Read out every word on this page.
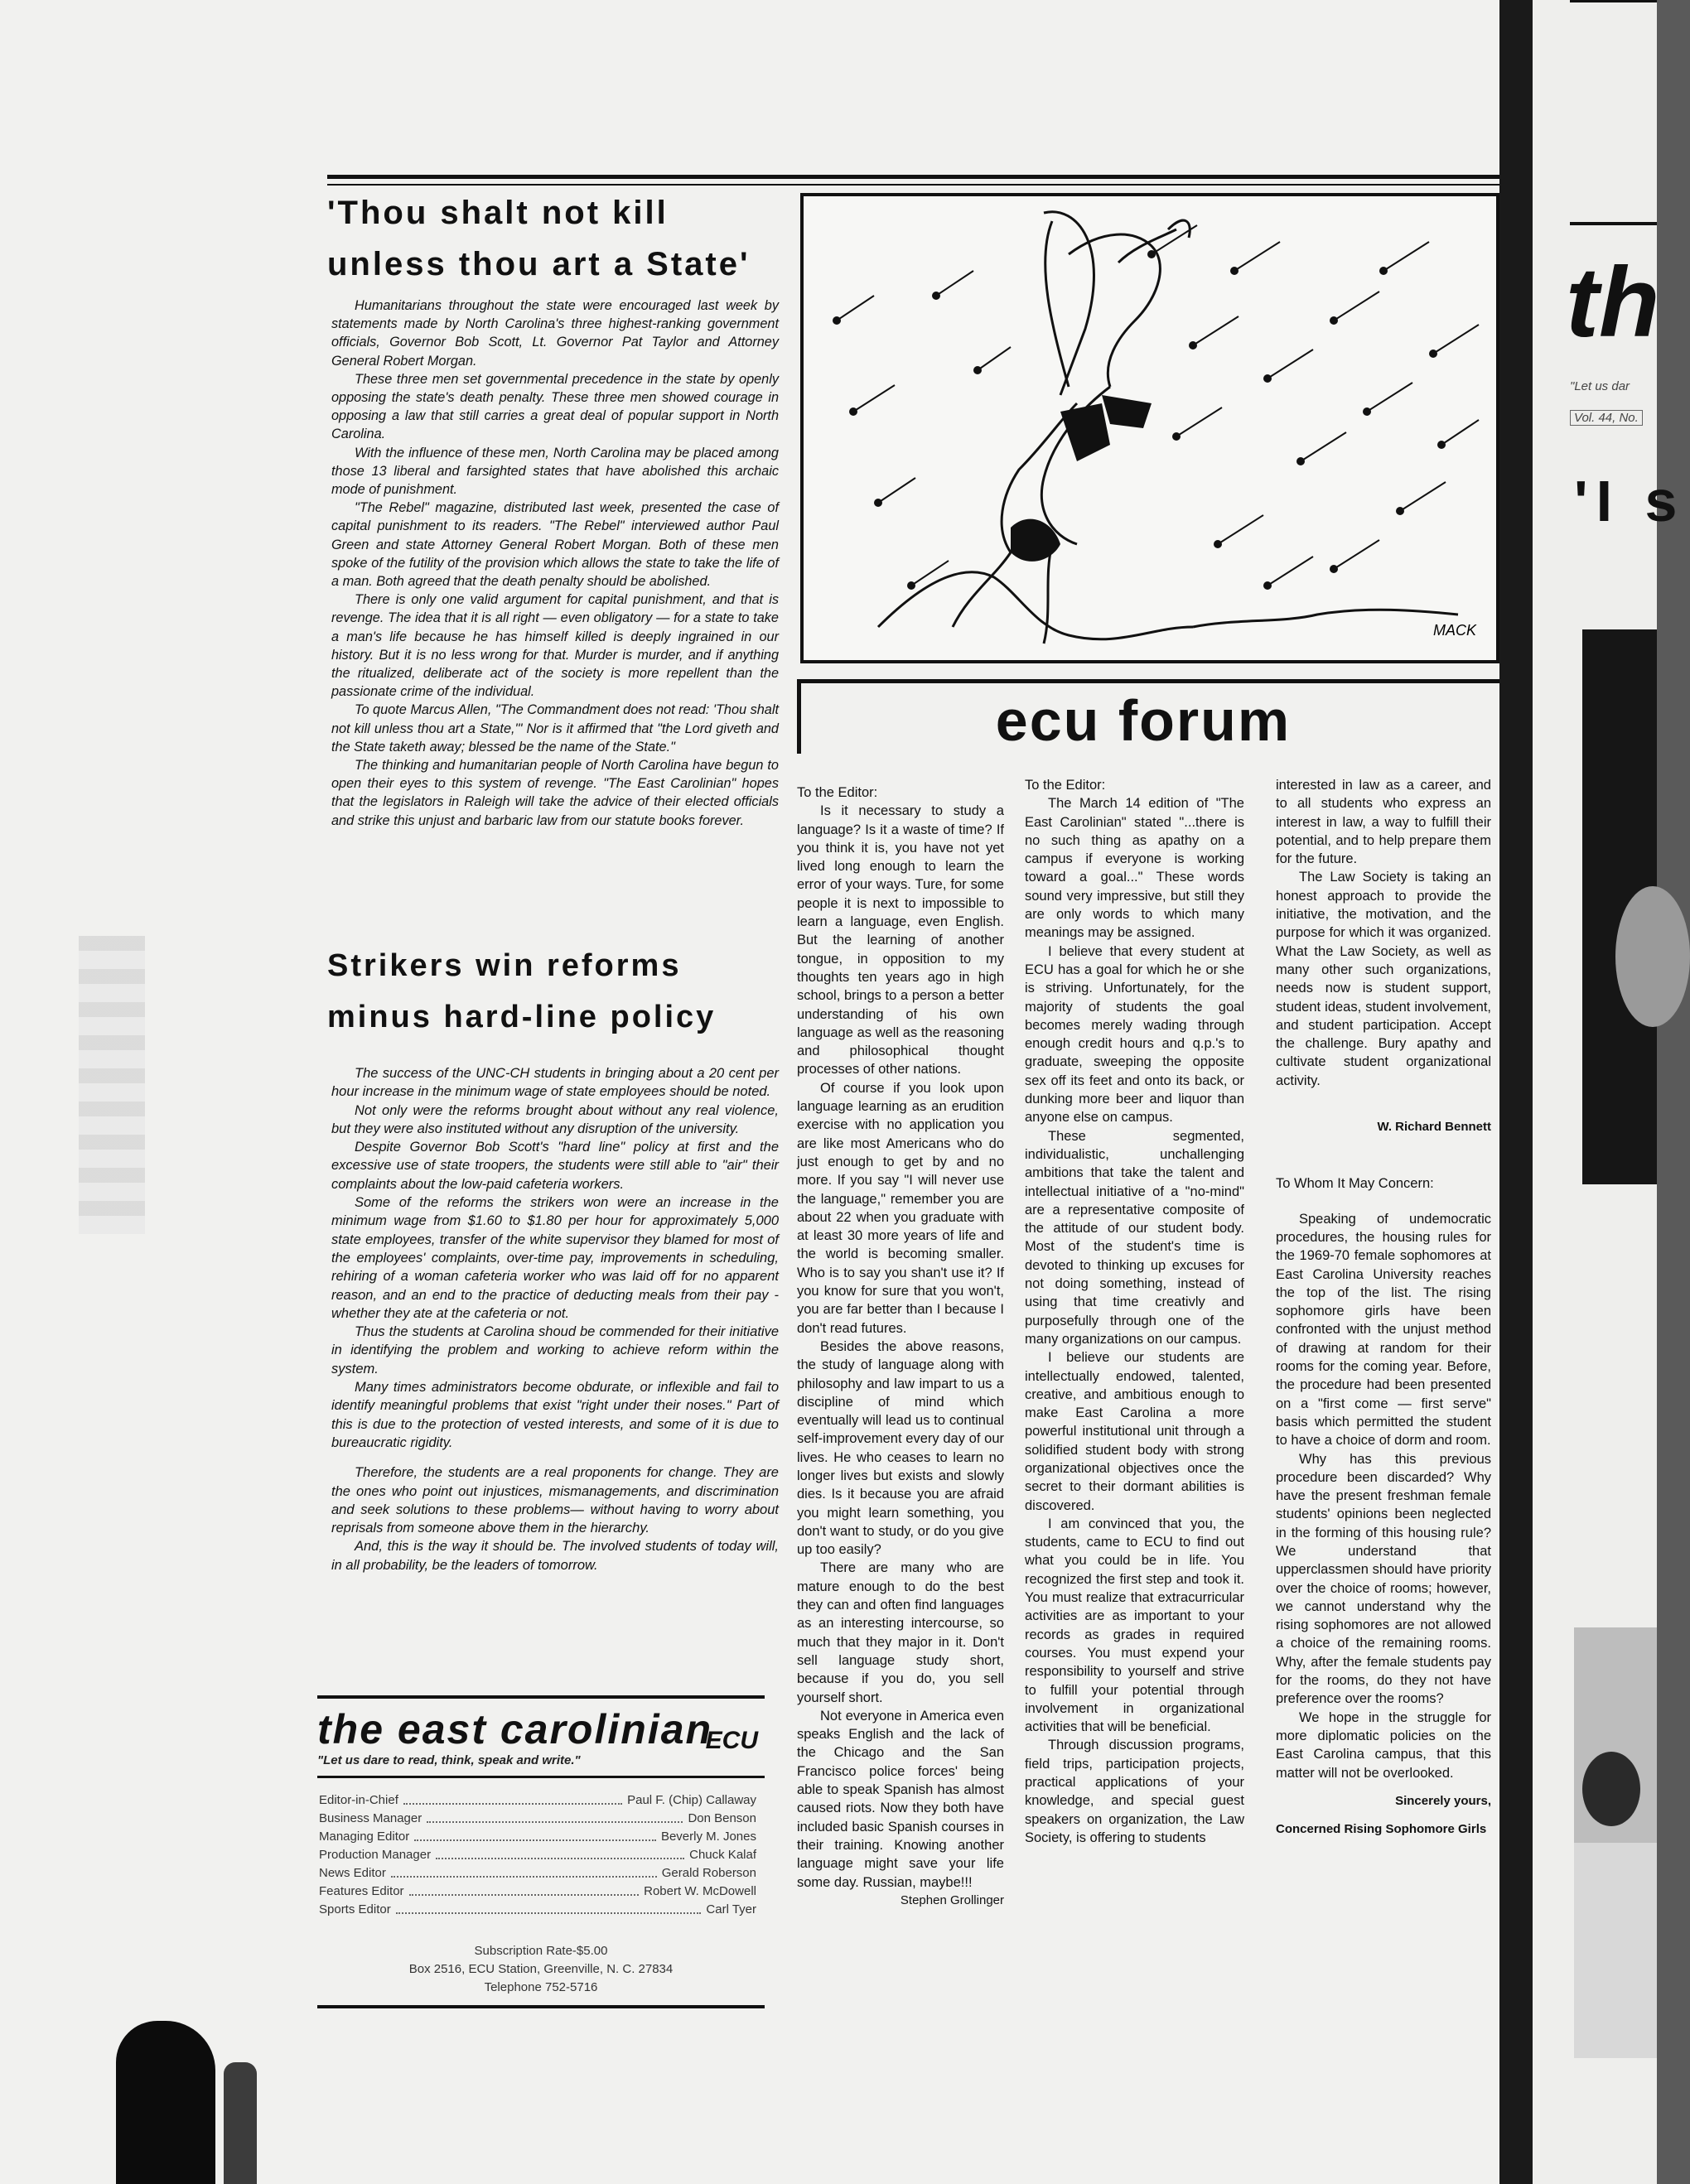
th
"Let us dar
Vol. 44, No.
'I s

'Thou shalt not kill

unless thou art a State'

Humanitarians throughout the state were encouraged last week by statements made by North Carolina's three highest-ranking government officials, Governor Bob Scott, Lt. Governor Pat Taylor and Attorney General Robert Morgan.

These three men set governmental precedence in the state by openly opposing the state's death penalty. These three men showed courage in opposing a law that still carries a great deal of popular support in North Carolina.

With the influence of these men, North Carolina may be placed among those 13 liberal and farsighted states that have abolished this archaic mode of punishment.

"The Rebel" magazine, distributed last week, presented the case of capital punishment to its readers. "The Rebel" interviewed author Paul Green and state Attorney General Robert Morgan. Both of these men spoke of the futility of the provision which allows the state to take the life of a man. Both agreed that the death penalty should be abolished.

There is only one valid argument for capital punishment, and that is revenge. The idea that it is all right — even obligatory — for a state to take a man's life because he has himself killed is deeply ingrained in our history. But it is no less wrong for that. Murder is murder, and if anything the ritualized, deliberate act of the society is more repellent than the passionate crime of the individual.

To quote Marcus Allen, "The Commandment does not read: 'Thou shalt not kill unless thou art a State,'" Nor is it affirmed that "the Lord giveth and the State taketh away; blessed be the name of the State."

The thinking and humanitarian people of North Carolina have begun to open their eyes to this system of revenge. "The East Carolinian" hopes that the legislators in Raleigh will take the advice of their elected officials and strike this unjust and barbaric law from our statute books forever.

Strikers win reforms

minus hard-line policy

The success of the UNC-CH students in bringing about a 20 cent per hour increase in the minimum wage of state employees should be noted.

Not only were the reforms brought about without any real violence, but they were also instituted without any disruption of the university.

Despite Governor Bob Scott's "hard line" policy at first and the excessive use of state troopers, the students were still able to "air" their complaints about the low-paid cafeteria workers.

Some of the reforms the strikers won were an increase in the minimum wage from $1.60 to $1.80 per hour for approximately 5,000 state employees, transfer of the white supervisor they blamed for most of the employees' complaints, over-time pay, improvements in scheduling, rehiring of a woman cafeteria worker who was laid off for no apparent reason, and an end to the practice of deducting meals from their pay - whether they ate at the cafeteria or not.

Thus the students at Carolina shoud be commended for their initiative in identifying the problem and working to achieve reform within the system.

Many times administrators become obdurate, or inflexible and fail to identify meaningful problems that exist "right under their noses." Part of this is due to the protection of vested interests, and some of it is due to bureaucratic rigidity.

Therefore, the students are a real proponents for change. They are the ones who point out injustices, mismanagements, and discrimination and seek solutions to these problems— without having to worry about reprisals from someone above them in the hierarchy.

And, this is the way it should be. The involved students of today will, in all probability, be the leaders of tomorrow.

the east carolinian
ECU
"Let us dare to read, think, speak and write."
Editor-in-Chief	Paul F. (Chip) Callaway
Business Manager	Don Benson
Managing Editor	Beverly M. Jones
Production Manager	Chuck Kalaf
News Editor	Gerald Roberson
Features Editor	Robert W. McDowell
Sports Editor	Carl Tyer
Subscription Rate-$5.00
Box 2516, ECU Station, Greenville, N. C. 27834
Telephone 752-5716
MACK
ecu forum

To the Editor:

Is it necessary to study a language? Is it a waste of time? If you think it is, you have not yet lived long enough to learn the error of your ways. Ture, for some people it is next to impossible to learn a language, even English. But the learning of another tongue, in opposition to my thoughts ten years ago in high school, brings to a person a better understanding of his own language as well as the reasoning and philosophical thought processes of other nations.

Of course if you look upon language learning as an erudition exercise with no application you are like most Americans who do just enough to get by and no more. If you say "I will never use the language," remember you are about 22 when you graduate with at least 30 more years of life and the world is becoming smaller. Who is to say you shan't use it? If you know for sure that you won't, you are far better than I because I don't read futures.

Besides the above reasons, the study of language along with philosophy and law impart to us a discipline of mind which eventually will lead us to continual self-improvement every day of our lives. He who ceases to learn no longer lives but exists and slowly dies. Is it because you are afraid you might learn something, you don't want to study, or do you give up too easily?

There are many who are mature enough to do the best they can and often find languages as an interesting intercourse, so much that they major in it. Don't sell language study short, because if you do, you sell yourself short.

Not everyone in America even speaks English and the lack of the Chicago and the San Francisco police forces' being able to speak Spanish has almost caused riots. Now they both have included basic Spanish courses in their training. Knowing another language might save your life some day. Russian, maybe!!!

Stephen Grollinger

To the Editor:

The March 14 edition of "The East Carolinian" stated "...there is no such thing as apathy on a campus if everyone is working toward a goal..." These words sound very impressive, but still they are only words to which many meanings may be assigned.

I believe that every student at ECU has a goal for which he or she is striving. Unfortunately, for the majority of students the goal becomes merely wading through enough credit hours and q.p.'s to graduate, sweeping the opposite sex off its feet and onto its back, or dunking more beer and liquor than anyone else on campus.

These segmented, individualistic, unchallenging ambitions that take the talent and intellectual initiative of a "no-mind" are a representative composite of the attitude of our student body. Most of the student's time is devoted to thinking up excuses for not doing something, instead of using that time creativly and purposefully through one of the many organizations on our campus.

I believe our students are intellectually endowed, talented, creative, and ambitious enough to make East Carolina a more powerful institutional unit through a solidified student body with strong organizational objectives once the secret to their dormant abilities is discovered.

I am convinced that you, the students, came to ECU to find out what you could be in life. You recognized the first step and took it. You must realize that extracurricular activities are as important to your records as grades in required courses. You must expend your responsibility to yourself and strive to fulfill your potential through involvement in organizational activities that will be beneficial.

Through discussion programs, field trips, participation projects, practical applications of your knowledge, and special guest speakers on organization, the Law Society, is offering to students

interested in law as a career, and to all students who express an interest in law, a way to fulfill their potential, and to help prepare them for the future.

The Law Society is taking an honest approach to provide the initiative, the motivation, and the purpose for which it was organized. What the Law Society, as well as many other such organizations, needs now is student support, student ideas, student involvement, and student participation. Accept the challenge. Bury apathy and cultivate student organizational activity.

W. Richard Bennett

To Whom It May Concern:

Speaking of undemocratic procedures, the housing rules for the 1969-70 female sophomores at East Carolina University reaches the top of the list. The rising sophomore girls have been confronted with the unjust method of drawing at random for their rooms for the coming year. Before, the procedure had been presented on a "first come — first serve" basis which permitted the student to have a choice of dorm and room.

Why has this previous procedure been discarded? Why have the present freshman female students' opinions been neglected in the forming of this housing rule? We understand that upperclassmen should have priority over the choice of rooms; however, we cannot understand why the rising sophomores are not allowed a choice of the remaining rooms. Why, after the female students pay for the rooms, do they not have preference over the rooms?

We hope in the struggle for more diplomatic policies on the East Carolina campus, that this matter will not be overlooked.

Sincerely yours,
Concerned Rising Sophomore Girls
